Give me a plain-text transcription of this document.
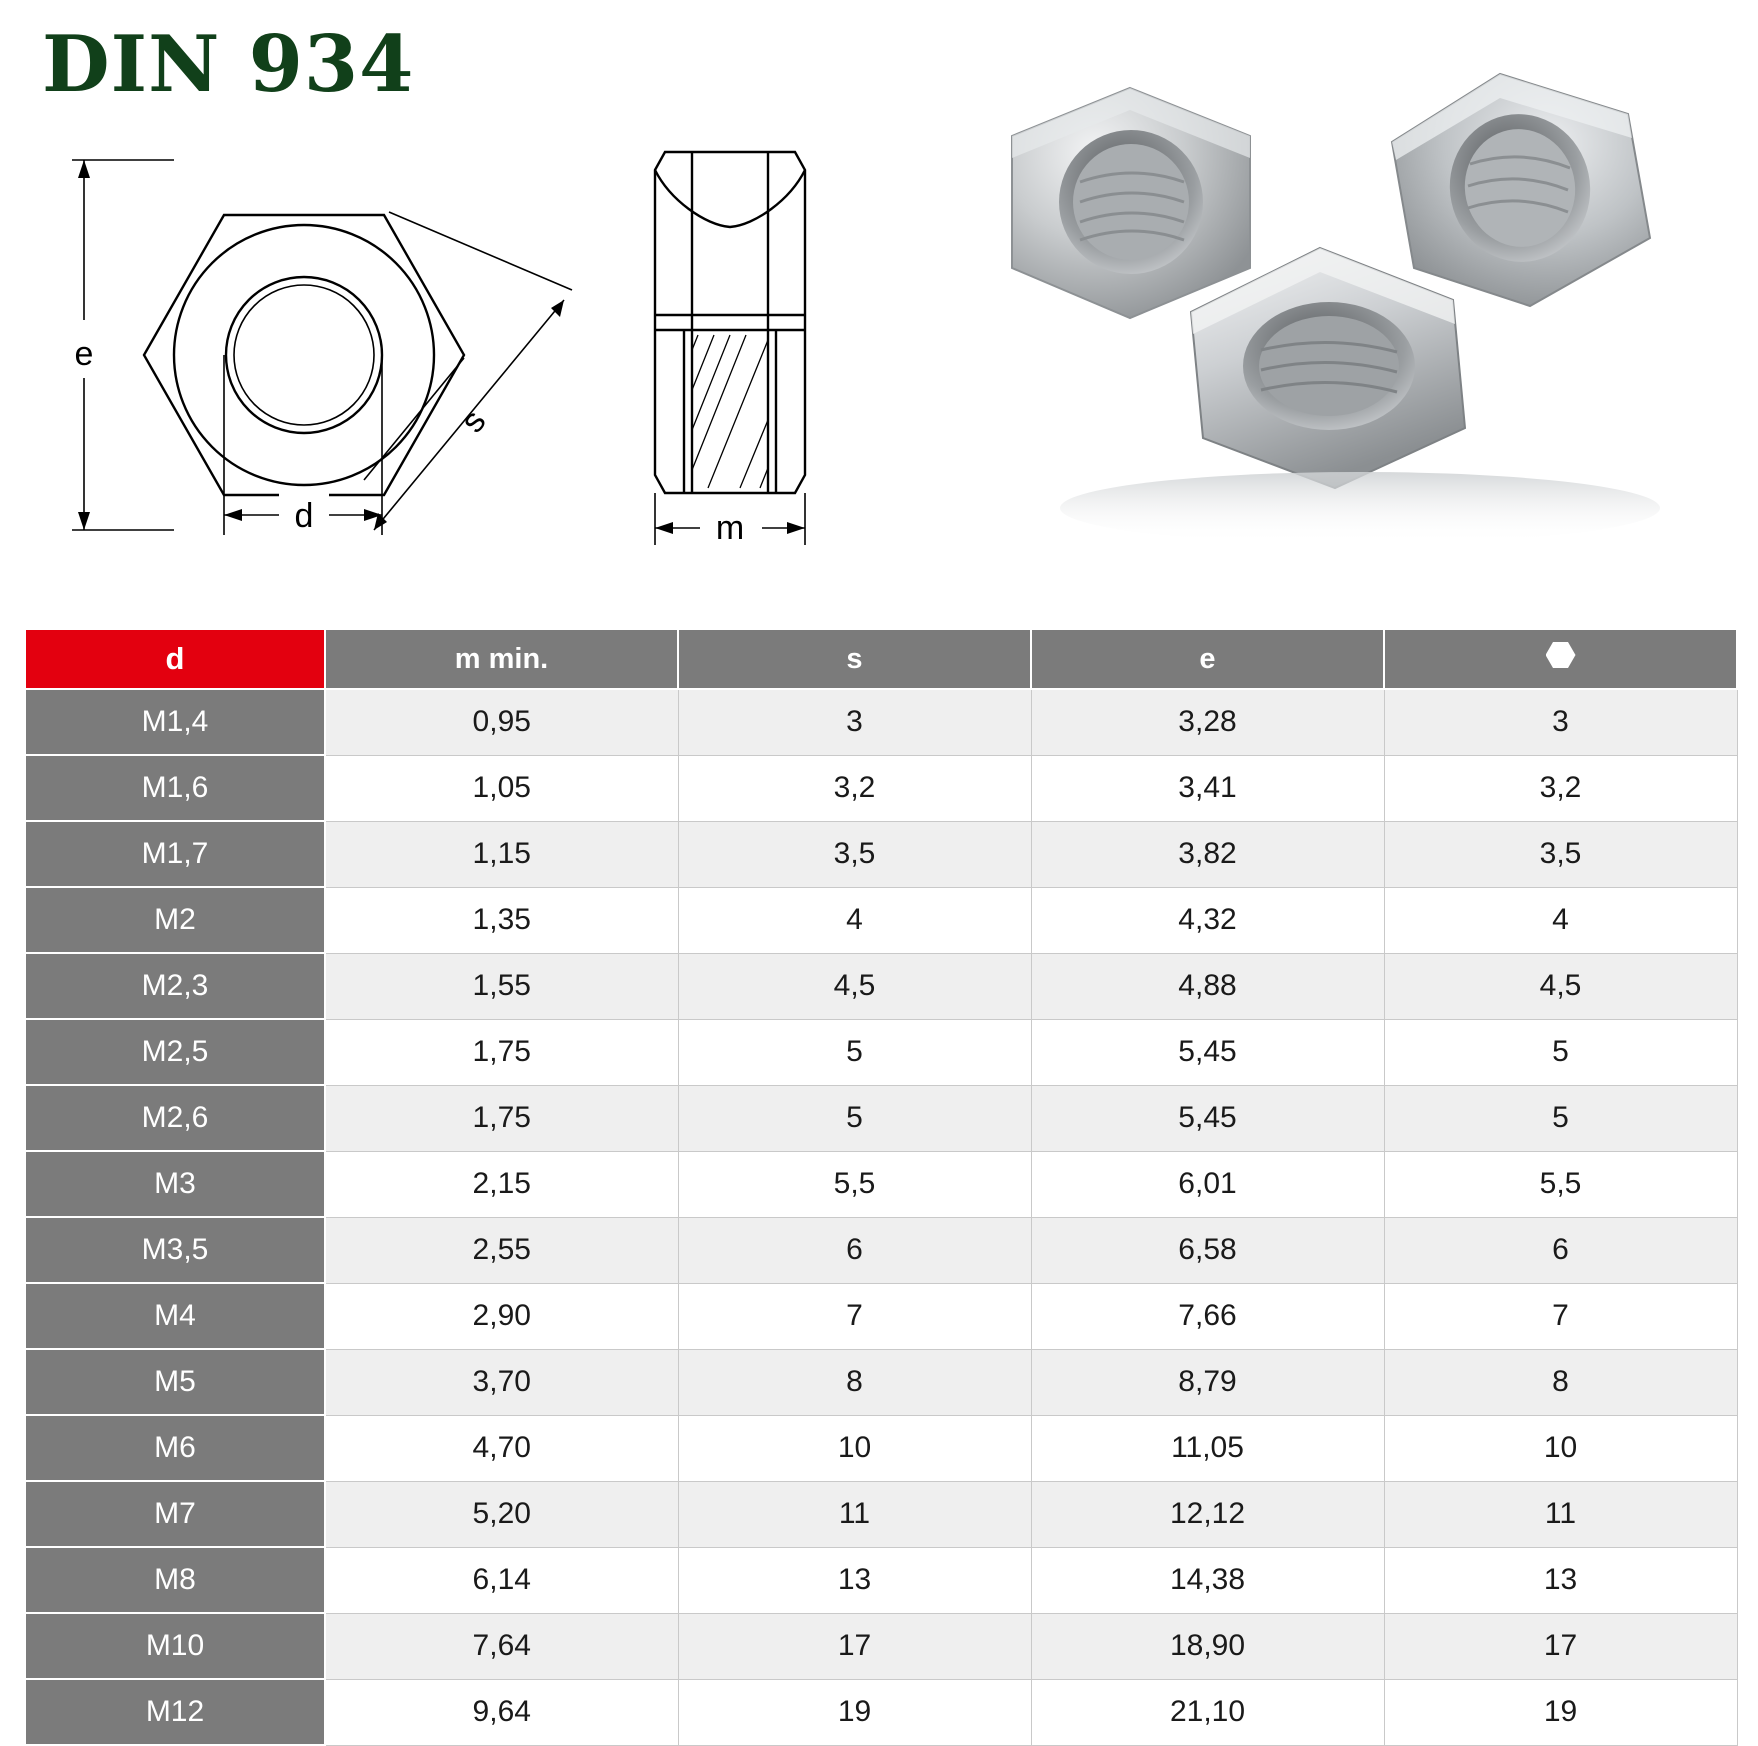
DIN 934
e
d
s
m
d	m min.	s	e	
M1,4	0,95	3	3,28	3
M1,6	1,05	3,2	3,41	3,2
M1,7	1,15	3,5	3,82	3,5
M2	1,35	4	4,32	4
M2,3	1,55	4,5	4,88	4,5
M2,5	1,75	5	5,45	5
M2,6	1,75	5	5,45	5
M3	2,15	5,5	6,01	5,5
M3,5	2,55	6	6,58	6
M4	2,90	7	7,66	7
M5	3,70	8	8,79	8
M6	4,70	10	11,05	10
M7	5,20	11	12,12	11
M8	6,14	13	14,38	13
M10	7,64	17	18,90	17
M12	9,64	19	21,10	19
